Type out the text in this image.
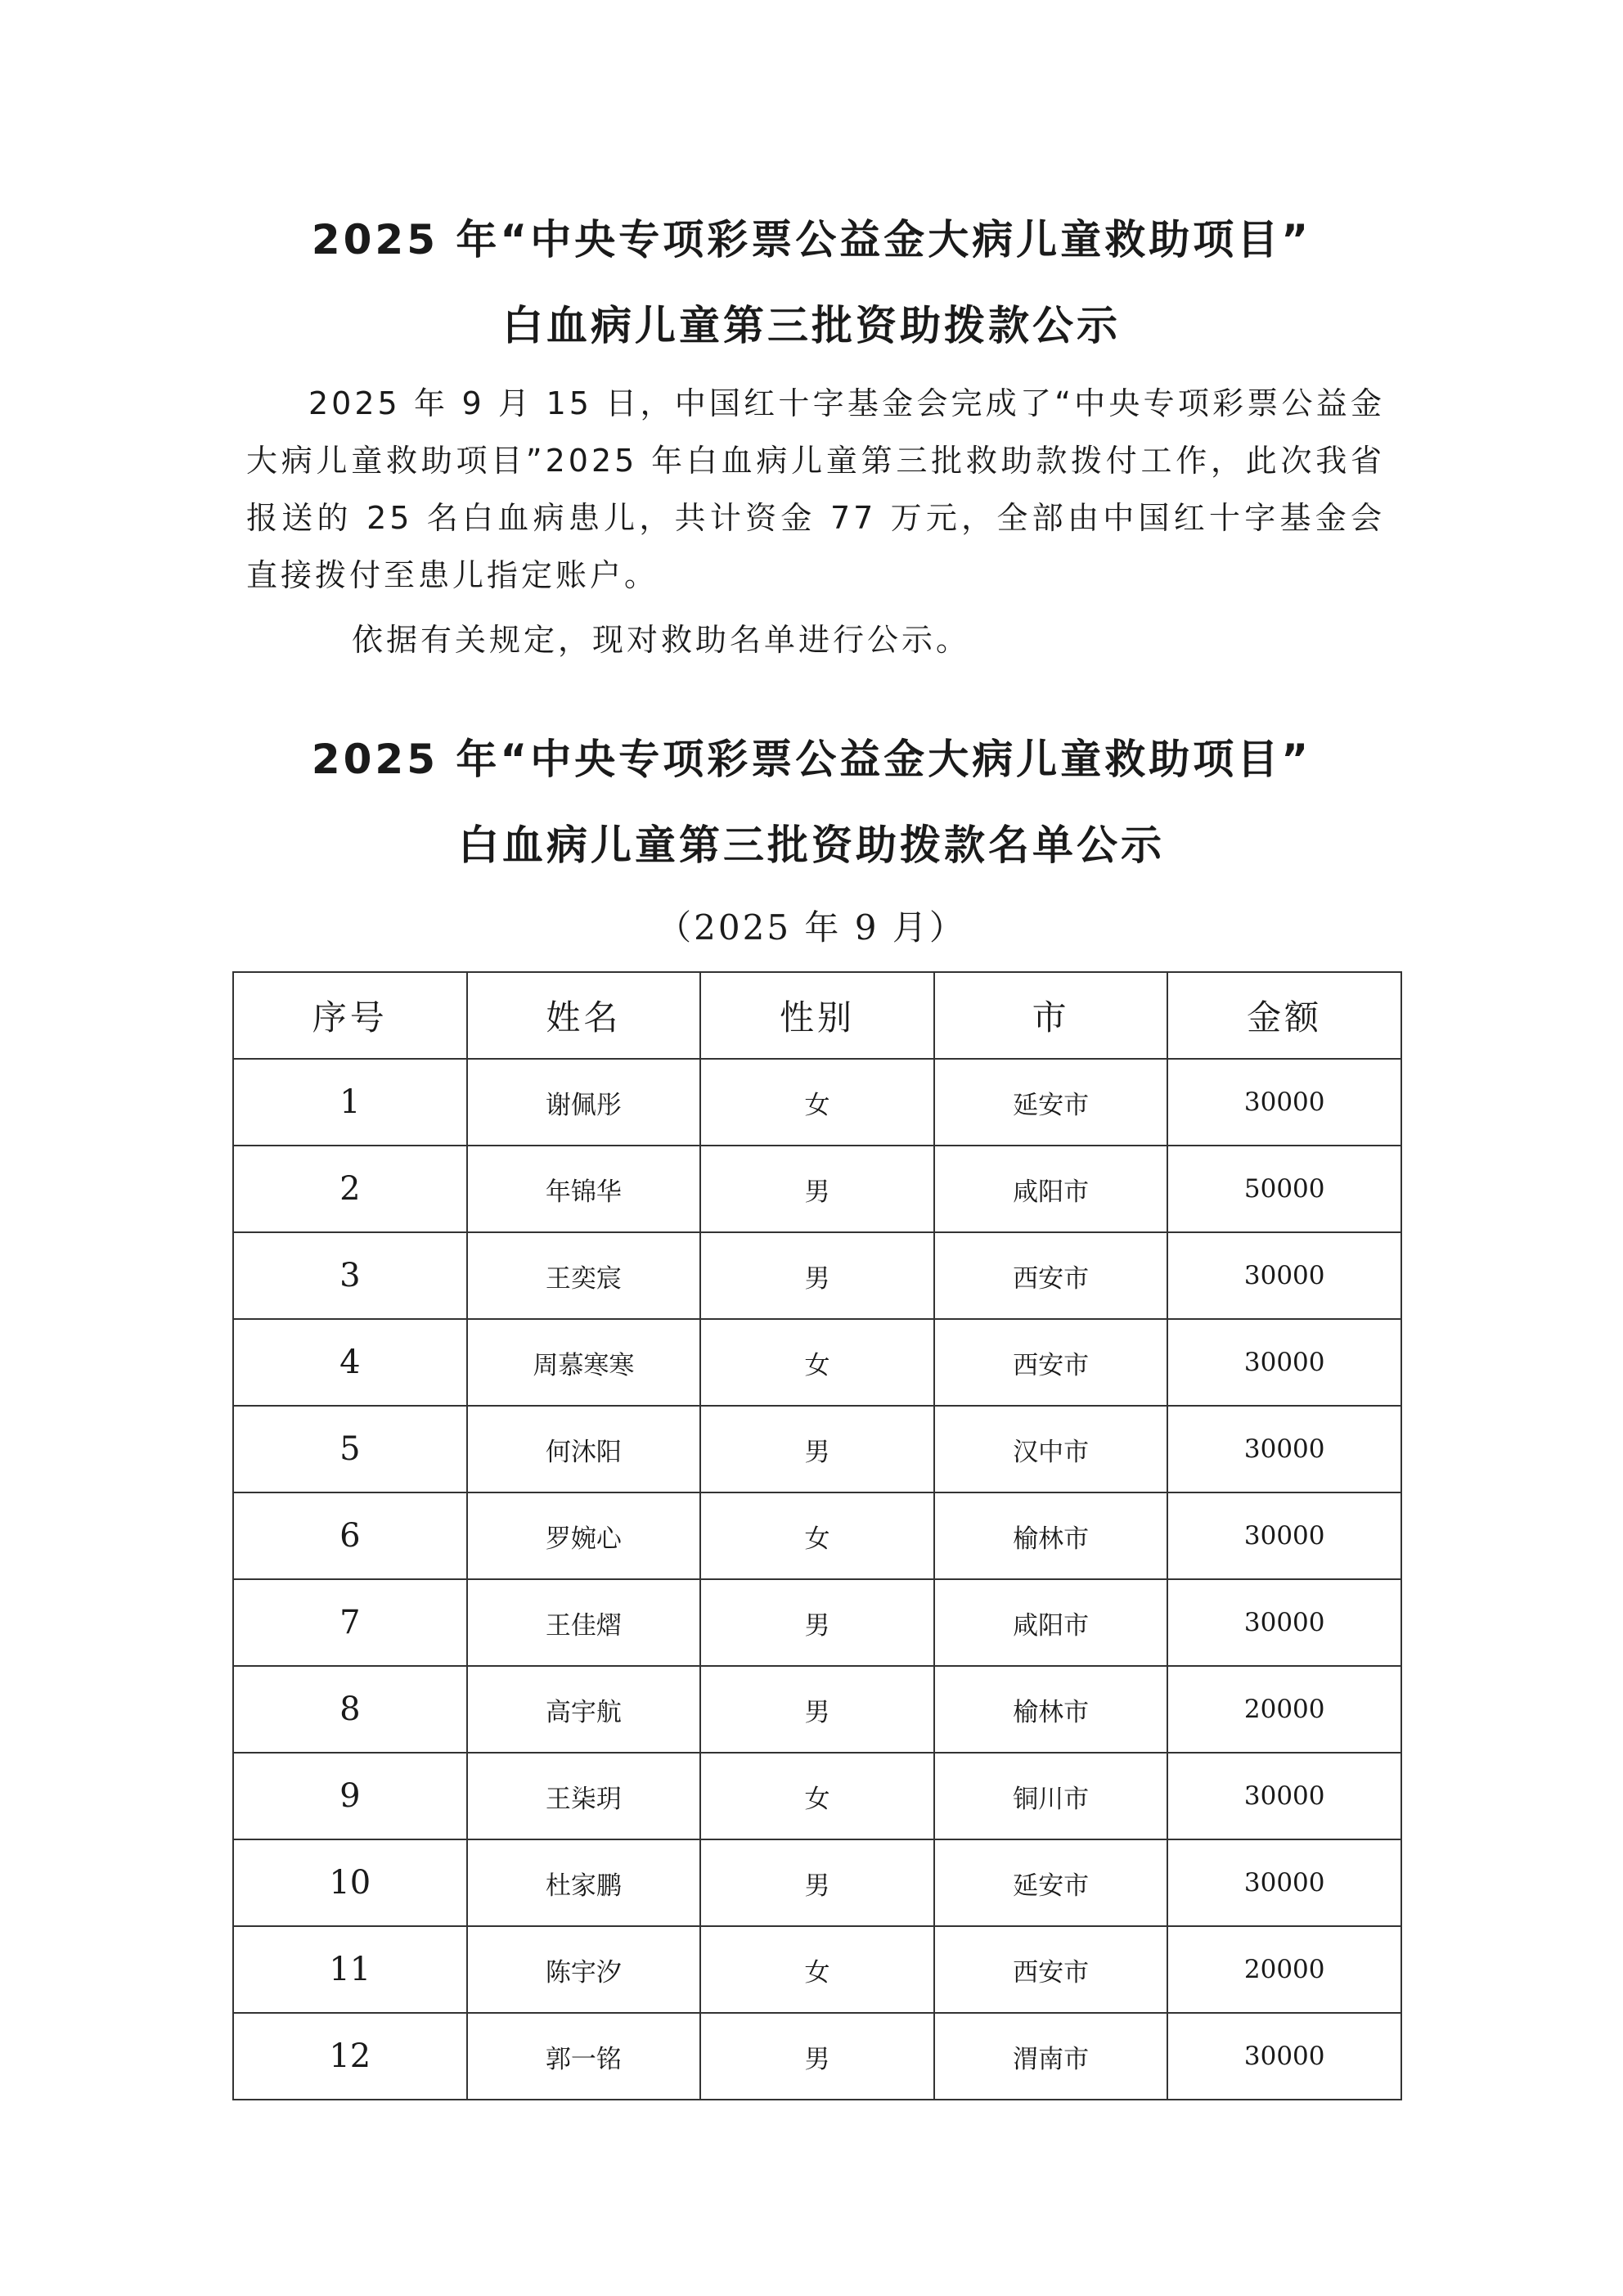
2025 年“中央专项彩票公益金大病儿童救助项目”
白血病儿童第三批资助拨款公示

2025 年 9 月 15 日，中国红十字基金会完成了“中央专项彩票公益金大病儿童救助项目”2025 年白血病儿童第三批救助款拨付工作，此次我省报送的 25 名白血病患儿，共计资金 77 万元，全部由中国红十字基金会直接拨付至患儿指定账户。

依据有关规定，现对救助名单进行公示。

2025 年“中央专项彩票公益金大病儿童救助项目”
白血病儿童第三批资助拨款名单公示
（2025 年 9 月）
序号	姓名	性别	市	金额
1	谢佩彤	女	延安市	30000
2	年锦华	男	咸阳市	50000
3	王奕宸	男	西安市	30000
4	周慕寒寒	女	西安市	30000
5	何沐阳	男	汉中市	30000
6	罗婉心	女	榆林市	30000
7	王佳熠	男	咸阳市	30000
8	高宇航	男	榆林市	20000
9	王柒玥	女	铜川市	30000
10	杜家鹏	男	延安市	30000
11	陈宇汐	女	西安市	20000
12	郭一铭	男	渭南市	30000
